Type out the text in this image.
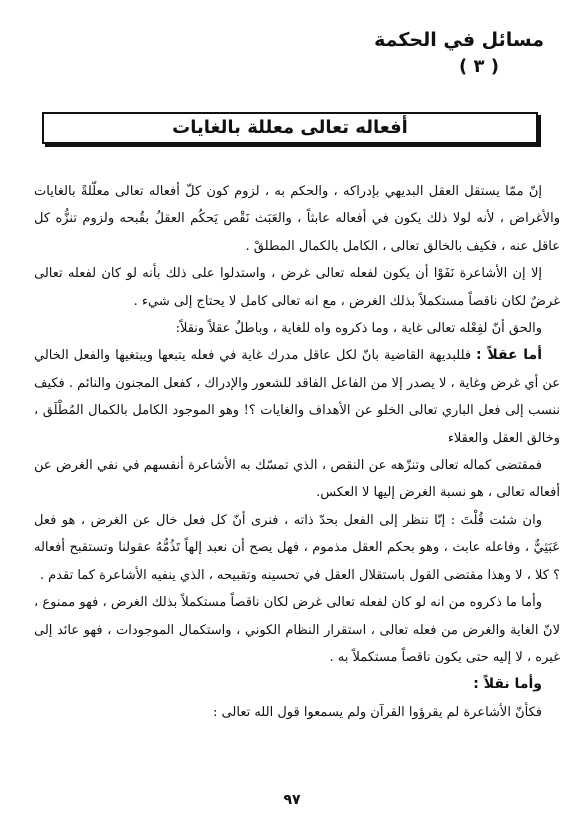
مسائل في الحكمة
( ٣ )
أفعاله تعالى معللة بالغايات

إنّ ممّا يستقل العقل البديهي بإدراكه ، والحكم به ، لزوم كون كلّ أفعاله تعالى معلّلةً بالغايات والأغراض ، لأنه لولا ذلك يكون في أفعاله عابثاً ، والعَبَث نَقْص يَحكُم العقلُ بقُبحه ولزوم تنزُّه كل عاقل عنه ، فكيف بالخالق تعالى ، الكامل بالكمال المطلقْ .

إلا إن الأشاعرة نَفَوْا أن يكون لفعله تعالى غرض ، واستدلوا على ذلك بأنه لو كان لفعله تعالى غرضٌ لكان ناقصاً مستكملاً بذلك الغرض ، مع انه تعالى كامل لا يحتاج إلى شيء .

والحق أنّ لفِعْله تعالى غاية ، وما ذكروه واه للغاية ، وباطلٌ عقلاً ونقلاً:

أما عقلاً : فللبديهة القاضية بانّ لكل عاقل مدرك غاية في فعله يتبعها ويبتغيها والفعل الخالي عن أي غرض وغاية ، لا يصدر إلا من الفاعل الفاقد للشعور والإدراك ، كفعل المجنون والنائم . فكيف ننسب إلى فعل الباري تعالى الخلو عن الأهداف والغايات ؟! وهو الموجود الكامل بالكمال المُطْلَق ، وخالق العقل والعقلاء

فمقتضى كماله تعالى وتنزّهه عن النقص ، الذي تمسّك به الأشاعرة أنفسهم في نفي الغرض عن أفعاله تعالى ، هو نسبة الغرض إليها لا العكس.

وان شئت قُلْتَ : إنّا ننظر إلى الفعل بحدّ ذاته ، فنرى أنّ كل فعل خال عن الغرض ، هو فعل عَبَثِيٌّ ، وفاعله عابث ، وهو بحكم العقل مذموم ، فهل يصح أن نعبد إلهاً تَذُمُّهُ عقولنا وتستقبح أفعاله ؟ كلا ، لا وهذا مقتضى القول باستقلال العقل في تحسينه وتقبيحه ، الذي ينفيه الأشاعرة كما تقدم .

وأما ما ذكروه من انه لو كان لفعله تعالى غرض لكان ناقصاً مستكملاً بذلك الغرض ، فهو ممنوع ، لانّ الغاية والغرض من فعله تعالى ، استقرار النظام الكوني ، واستكمال الموجودات ، فهو عائد إلى غيره ، لا إليه حتى يكون ناقصاً مستكملاً به .

وأما نقلاً :

فكأنّ الأشاعرة لم يقرؤوا القرآن ولم يسمعوا قول الله تعالى :

٩٧
